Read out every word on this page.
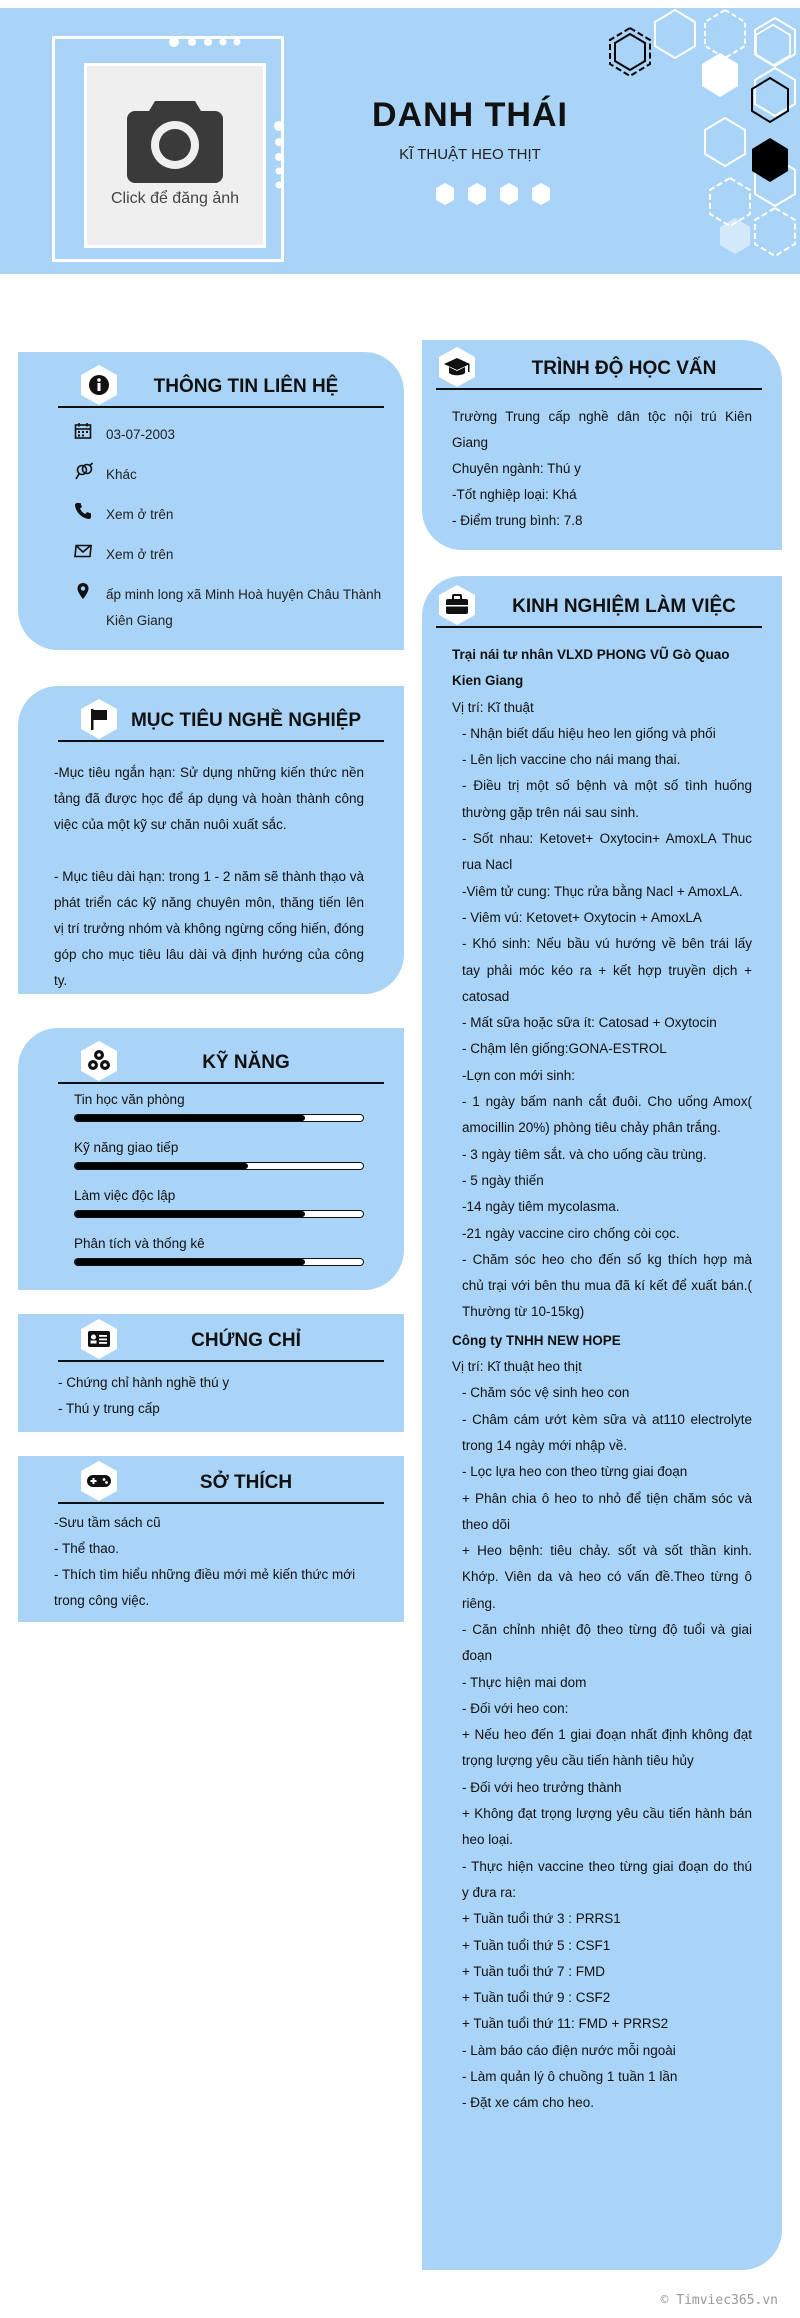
Click để đăng ảnh
DANH THÁI
KĨ THUẬT HEO THỊT
THÔNG TIN LIÊN HỆ
03-07-2003
Khác
Xem ở trên
Xem ở trên
ấp minh long xã Minh Hoà huyện Châu Thành Kiên Giang
MỤC TIÊU NGHỀ NGHIỆP
-Mục tiêu ngắn hạn: Sử dụng những kiến thức nền tảng đã được học để áp dụng và hoàn thành công việc của một kỹ sư chăn nuôi xuất sắc.
- Mục tiêu dài hạn: trong 1 - 2 năm sẽ thành thạo và phát triển các kỹ năng chuyên môn, thăng tiến lên vị trí trưởng nhóm và không ngừng cống hiến, đóng góp cho mục tiêu lâu dài và định hướng của công ty.
KỸ NĂNG
Tin học văn phòng
Kỹ năng giao tiếp
Làm việc độc lập
Phân tích và thống kê
CHỨNG CHỈ
- Chứng chỉ hành nghề thú y
- Thú y trung cấp
SỞ THÍCH
-Sưu tầm sách cũ
- Thể thao.
- Thích tìm hiểu những điều mới mẻ kiến thức mới trong công việc.
TRÌNH ĐỘ HỌC VẤN
Trường Trung cấp nghề dân tộc nội trú Kiên Giang
Chuyên ngành: Thú y
-Tốt nghiệp loại: Khá
- Điểm trung bình: 7.8
KINH NGHIỆM LÀM VIỆC
Trại nái tư nhân VLXD PHONG VŨ Gò Quao Kien Giang
Vị trí: Kĩ thuật
- Nhận biết dấu hiệu heo len giống và phối
- Lên lịch vaccine cho nái mang thai.
- Điều trị một số bệnh và một số tình huống thường gặp trên nái sau sinh.
- Sốt nhau: Ketovet+ Oxytocin+ AmoxLA Thuc rua Nacl
-Viêm tử cung: Thục rửa bằng Nacl + AmoxLA.
- Viêm vú: Ketovet+ Oxytocin + AmoxLA
- Khó sinh: Nếu bầu vú hướng về bên trái lấy tay phải móc kéo ra + kết hợp truyền dịch + catosad
- Mất sữa hoặc sữa ít: Catosad + Oxytocin
- Chậm lên giống:GONA-ESTROL
-Lợn con mới sinh:
- 1 ngày bấm nanh cắt đuôi. Cho uống Amox( amocillin 20%) phòng tiêu chảy phân trắng.
- 3 ngày tiêm sắt. và cho uống cầu trùng.
- 5 ngày thiến
-14 ngày tiêm mycolasma.
-21 ngày vaccine ciro chống còi cọc.
- Chăm sóc heo cho đến số kg thích hợp mà chủ trại với bên thu mua đã kí kết để xuất bán.( Thường từ 10-15kg)
Công ty TNHH NEW HOPE
Vị trí: Kĩ thuật heo thịt
- Chăm sóc vệ sinh heo con
- Châm cám ướt kèm sữa và at110 electrolyte trong 14 ngày mới nhập về.
- Lọc lựa heo con theo từng giai đoạn
+ Phân chia ô heo to nhỏ để tiện chăm sóc và theo dõi
+ Heo bệnh: tiêu chảy. sốt và sốt thần kinh. Khớp. Viên da và heo có vấn đề.Theo từng ô riêng.
- Căn chỉnh nhiệt độ theo từng độ tuổi và giai đoạn
- Thực hiện mai dom
- Đối với heo con:
+ Nếu heo đến 1 giai đoạn nhất định không đạt trọng lượng yêu cầu tiến hành tiêu hủy
- Đối với heo trưởng thành
+ Không đạt trọng lượng yêu cầu tiến hành bán heo loại.
- Thực hiện vaccine theo từng giai đoạn do thú y đưa ra:
+ Tuần tuổi thứ 3 : PRRS1
+ Tuần tuổi thứ 5 : CSF1
+ Tuần tuổi thứ 7 : FMD
+ Tuần tuổi thứ 9 : CSF2
+ Tuần tuổi thứ 11: FMD + PRRS2
- Làm báo cáo điện nước mỗi ngoài
- Làm quản lý ô chuồng 1 tuần 1 lần
- Đặt xe cám cho heo.
© Timviec365.vn
